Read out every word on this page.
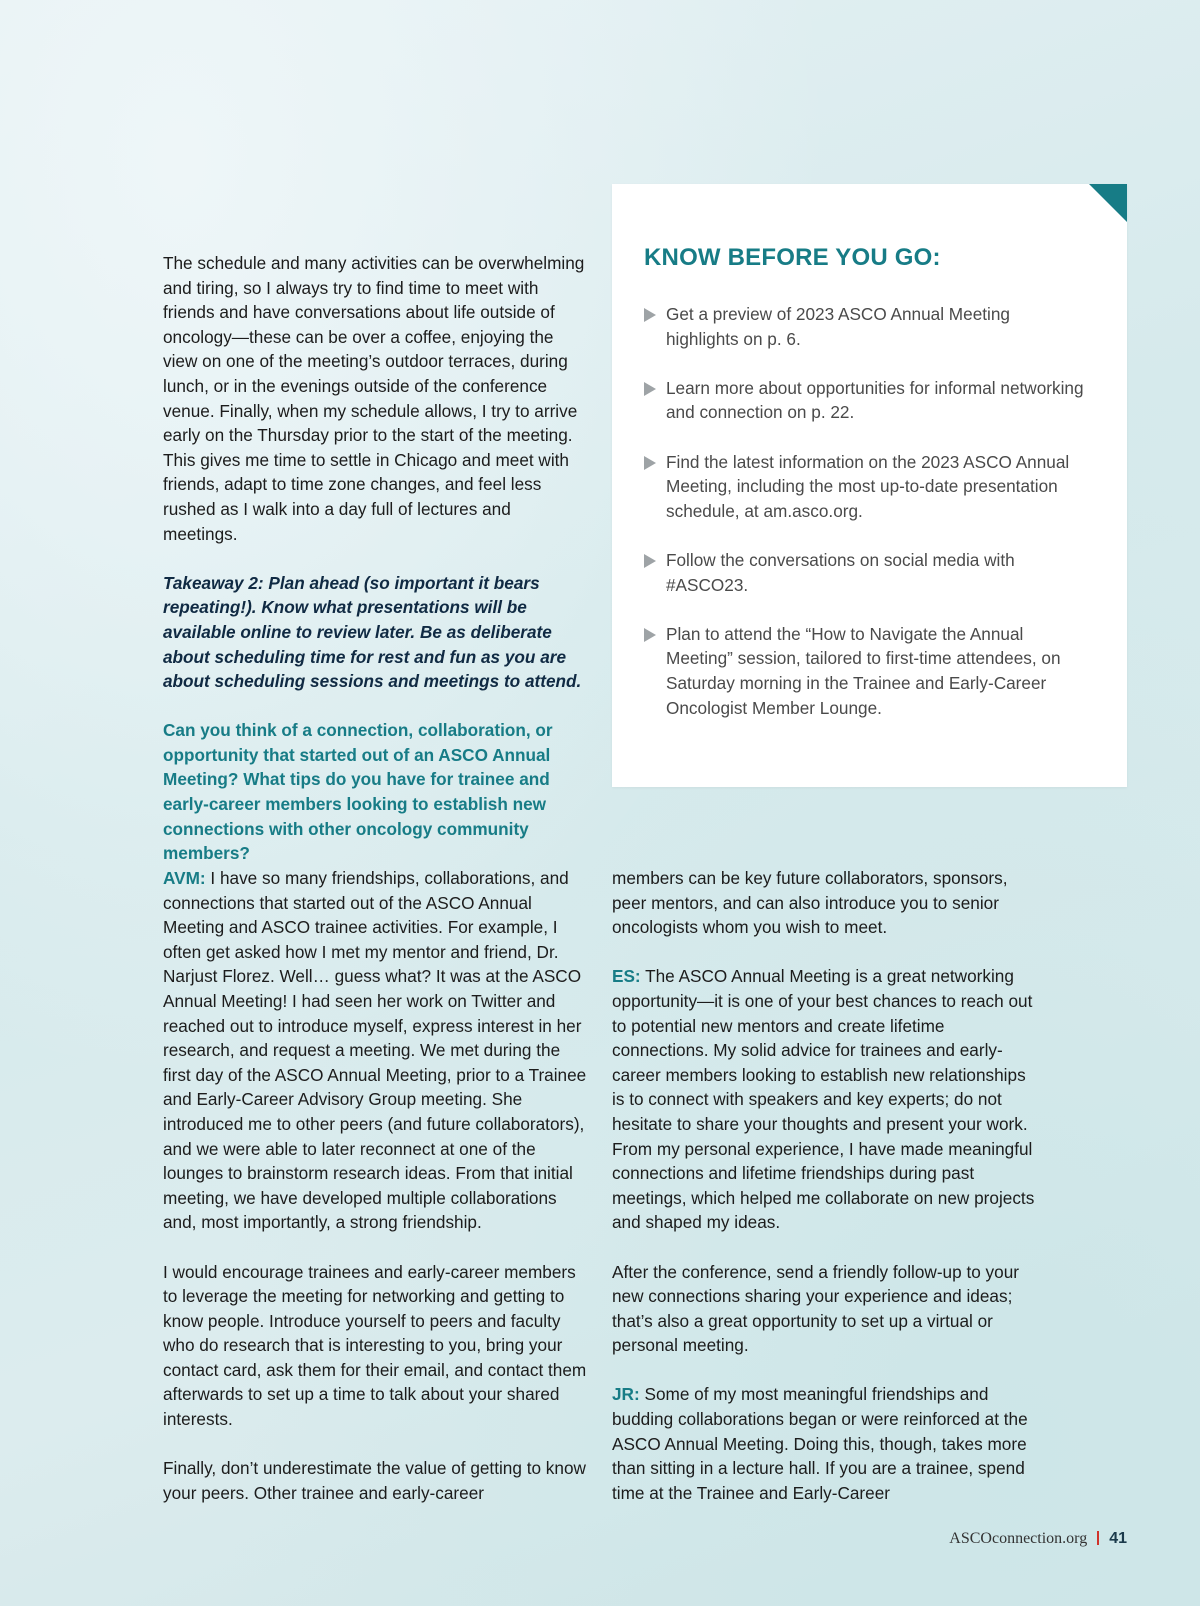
The schedule and many activities can be overwhelming and tiring, so I always try to find time to meet with friends and have conversations about life outside of oncology—these can be over a coffee, enjoying the view on one of the meeting’s outdoor terraces, during lunch, or in the evenings outside of the conference venue. Finally, when my schedule allows, I try to arrive early on the Thursday prior to the start of the meeting. This gives me time to settle in Chicago and meet with friends, adapt to time zone changes, and feel less rushed as I walk into a day full of lectures and meetings.

Takeaway 2: Plan ahead (so important it bears repeating!). Know what presentations will be available online to review later. Be as deliberate about scheduling time for rest and fun as you are about scheduling sessions and meetings to attend.

Can you think of a connection, collaboration, or opportunity that started out of an ASCO Annual Meeting? What tips do you have for trainee and early-career members looking to establish new connections with other oncology community members?

KNOW BEFORE YOU GO:
Get a preview of 2023 ASCO Annual Meeting highlights on p. 6.
Learn more about opportunities for informal networking and connection on p. 22.
Find the latest information on the 2023 ASCO Annual Meeting, including the most up-to-date presentation schedule, at am.asco.org.
Follow the conversations on social media with #ASCO23.
Plan to attend the “How to Navigate the Annual Meeting” session, tailored to first-time attendees, on Saturday morning in the Trainee and Early-Career Oncologist Member Lounge.

AVM: I have so many friendships, collaborations, and connections that started out of the ASCO Annual Meeting and ASCO trainee activities. For example, I often get asked how I met my mentor and friend, Dr. Narjust Florez. Well… guess what? It was at the ASCO Annual Meeting! I had seen her work on Twitter and reached out to introduce myself, express interest in her research, and request a meeting. We met during the first day of the ASCO Annual Meeting, prior to a Trainee and Early-Career Advisory Group meeting. She introduced me to other peers (and future collaborators), and we were able to later reconnect at one of the lounges to brainstorm research ideas. From that initial meeting, we have developed multiple collaborations and, most importantly, a strong friendship.

I would encourage trainees and early-career members to leverage the meeting for networking and getting to know people. Introduce yourself to peers and faculty who do research that is interesting to you, bring your contact card, ask them for their email, and contact them afterwards to set up a time to talk about your shared interests.

Finally, don’t underestimate the value of getting to know your peers. Other trainee and early-career

members can be key future collaborators, sponsors, peer mentors, and can also introduce you to senior oncologists whom you wish to meet.

ES: The ASCO Annual Meeting is a great networking opportunity—it is one of your best chances to reach out to potential new mentors and create lifetime connections. My solid advice for trainees and early-career members looking to establish new relationships is to connect with speakers and key experts; do not hesitate to share your thoughts and present your work. From my personal experience, I have made meaningful connections and lifetime friendships during past meetings, which helped me collaborate on new projects and shaped my ideas.

After the conference, send a friendly follow-up to your new connections sharing your experience and ideas; that’s also a great opportunity to set up a virtual or personal meeting.

JR: Some of my most meaningful friendships and budding collaborations began or were reinforced at the ASCO Annual Meeting. Doing this, though, takes more than sitting in a lecture hall. If you are a trainee, spend time at the Trainee and Early-Career

ASCOconnection.org 41
